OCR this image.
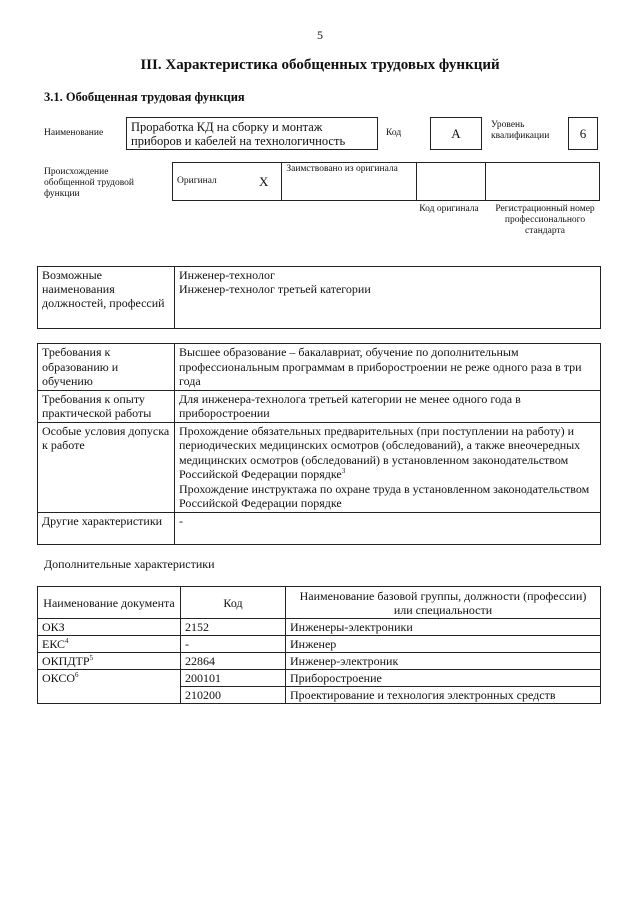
5
III. Характеристика обобщенных трудовых функций
3.1. Обобщенная трудовая функция
Наименование	Проработка КД на сборку и монтаж приборов и кабелей на технологичность
Код	A
Уровень квалификации	6
Происхождение обобщенной трудовой функции
Оригинал	X	Заимствовано из оригинала		
Код оригинала	Регистрационный номер профессионального стандарта
Возможные наименования должностей, профессий	
Инженер-технолог
Инженер-технолог третьей категории
Требования к образованию и обучению	Высшее образование – бакалавриат, обучение по дополнительным профессиональным программам в приборостроении не реже одного раза в три года
Требования к опыту практической работы	Для инженера-технолога третьей категории не менее одного года в приборостроении
Особые условия допуска к работе	Прохождение обязательных предварительных (при поступлении на работу) и периодических медицинских осмотров (обследований), а также внеочередных медицинских осмотров (обследований) в установленном законодательством Российской Федерации порядке$^3$
Прохождение инструктажа по охране труда в установленном законодательством Российской Федерации порядке

Другие характеристики	-
Дополнительные характеристики
Наименование документа	Код	Наименование базовой группы, должности (профессии) или специальности
ОКЗ	2152	Инженеры-электроники
ЕКС$^4$	-	Инженер
ОКПДТР$^5$	22864	Инженер-электроник
ОКСО$^6$	200101	Приборостроение
	210200	Проектирование и технология электронных средств
